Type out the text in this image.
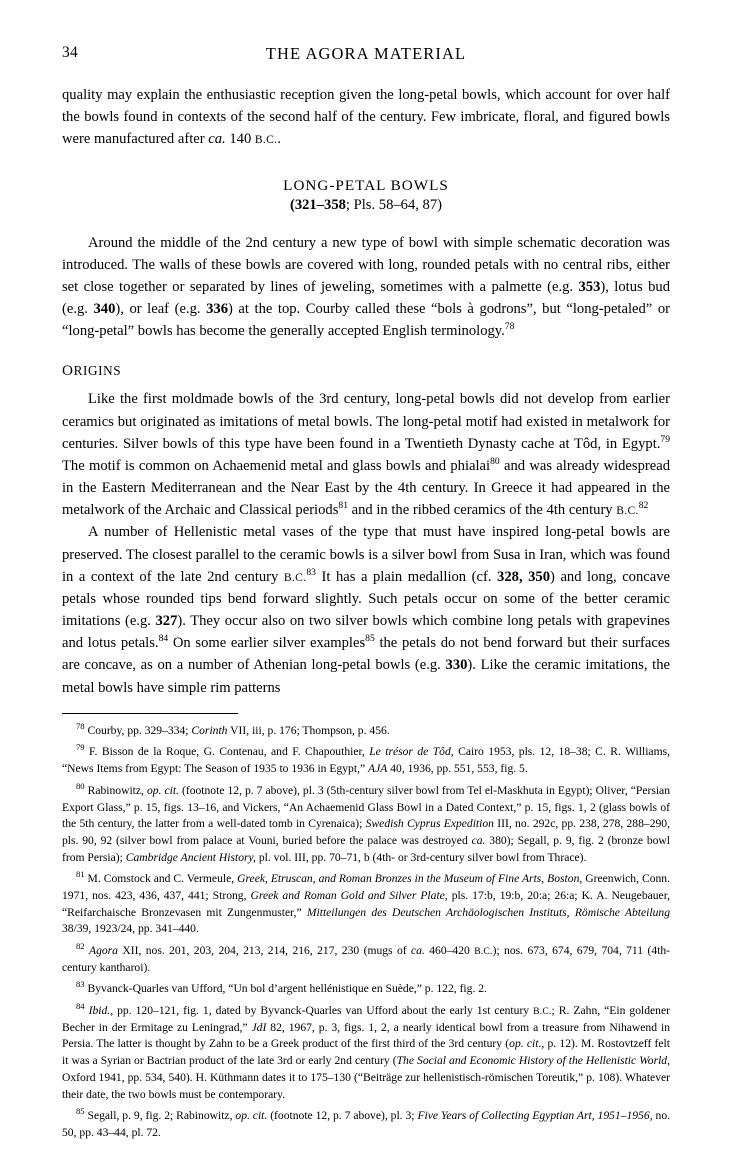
34	THE AGORA MATERIAL

quality may explain the enthusiastic reception given the long-petal bowls, which account for over half the bowls found in contexts of the second half of the century. Few imbricate, floral, and figured bowls were manufactured after ca. 140 B.C..

LONG-PETAL BOWLS
(321–358; Pls. 58–64, 87)

Around the middle of the 2nd century a new type of bowl with simple schematic decoration was introduced. The walls of these bowls are covered with long, rounded petals with no central ribs, either set close together or separated by lines of jeweling, sometimes with a palmette (e.g. 353), lotus bud (e.g. 340), or leaf (e.g. 336) at the top. Courby called these “bols à godrons”, but “long-petaled” or “long-petal” bowls has become the generally accepted English terminology.$^{78}$

ORIGINS

Like the first moldmade bowls of the 3rd century, long-petal bowls did not develop from earlier ceramics but originated as imitations of metal bowls. The long-petal motif had existed in metalwork for centuries. Silver bowls of this type have been found in a Twentieth Dynasty cache at Tôd, in Egypt.$^{79}$ The motif is common on Achaemenid metal and glass bowls and phialai$^{80}$ and was already widespread in the Eastern Mediterranean and the Near East by the 4th century. In Greece it had appeared in the metalwork of the Archaic and Classical periods$^{81}$ and in the ribbed ceramics of the 4th century B.C.$^{82}$

A number of Hellenistic metal vases of the type that must have inspired long-petal bowls are preserved. The closest parallel to the ceramic bowls is a silver bowl from Susa in Iran, which was found in a context of the late 2nd century B.C.$^{83}$ It has a plain medallion (cf. 328, 350) and long, concave petals whose rounded tips bend forward slightly. Such petals occur on some of the better ceramic imitations (e.g. 327). They occur also on two silver bowls which combine long petals with grapevines and lotus petals.$^{84}$ On some earlier silver examples$^{85}$ the petals do not bend forward but their surfaces are concave, as on a number of Athenian long-petal bowls (e.g. 330). Like the ceramic imitations, the metal bowls have simple rim patterns

$^{78}$ Courby, pp. 329–334; Corinth VII, iii, p. 176; Thompson, p. 456.

$^{79}$ F. Bisson de la Roque, G. Contenau, and F. Chapouthier, Le trésor de Tôd, Cairo 1953, pls. 12, 18–38; C. R. Williams, “News Items from Egypt: The Season of 1935 to 1936 in Egypt,” AJA 40, 1936, pp. 551, 553, fig. 5.

$^{80}$ Rabinowitz, op. cit. (footnote 12, p. 7 above), pl. 3 (5th-century silver bowl from Tel el-Maskhuta in Egypt); Oliver, “Persian Export Glass,” p. 15, figs. 13–16, and Vickers, “An Achaemenid Glass Bowl in a Dated Context,” p. 15, figs. 1, 2 (glass bowls of the 5th century, the latter from a well-dated tomb in Cyrenaica); Swedish Cyprus Expedition III, no. 292c, pp. 238, 278, 288–290, pls. 90, 92 (silver bowl from palace at Vouni, buried before the palace was destroyed ca. 380); Segall, p. 9, fig. 2 (bronze bowl from Persia); Cambridge Ancient History, pl. vol. III, pp. 70–71, b (4th- or 3rd-century silver bowl from Thrace).

$^{81}$ M. Comstock and C. Vermeule, Greek, Etruscan, and Roman Bronzes in the Museum of Fine Arts, Boston, Greenwich, Conn. 1971, nos. 423, 436, 437, 441; Strong, Greek and Roman Gold and Silver Plate, pls. 17:b, 19:b, 20:a; 26:a; K. A. Neugebauer, “Reifarchaische Bronzevasen mit Zungenmuster,” Mitteilungen des Deutschen Archäologischen Instituts, Römische Abteilung 38/39, 1923/24, pp. 341–440.

$^{82}$ Agora XII, nos. 201, 203, 204, 213, 214, 216, 217, 230 (mugs of ca. 460–420 B.C.); nos. 673, 674, 679, 704, 711 (4th-century kantharoi).

$^{83}$ Byvanck-Quarles van Ufford, “Un bol d’argent hellénistique en Suède,” p. 122, fig. 2.

$^{84}$ Ibid., pp. 120–121, fig. 1, dated by Byvanck-Quarles van Ufford about the early 1st century B.C.; R. Zahn, “Ein goldener Becher in der Ermitage zu Leningrad,” JdI 82, 1967, p. 3, figs. 1, 2, a nearly identical bowl from a treasure from Nihawend in Persia. The latter is thought by Zahn to be a Greek product of the first third of the 3rd century (op. cit., p. 12). M. Rostovtzeff felt it was a Syrian or Bactrian product of the late 3rd or early 2nd century (The Social and Economic History of the Hellenistic World, Oxford 1941, pp. 534, 540). H. Küthmann dates it to 175–130 (“Beiträge zur hellenistisch-römischen Toreutik,” p. 108). Whatever their date, the two bowls must be contemporary.

$^{85}$ Segall, p. 9, fig. 2; Rabinowitz, op. cit. (footnote 12, p. 7 above), pl. 3; Five Years of Collecting Egyptian Art, 1951–1956, no. 50, pp. 43–44, pl. 72.
